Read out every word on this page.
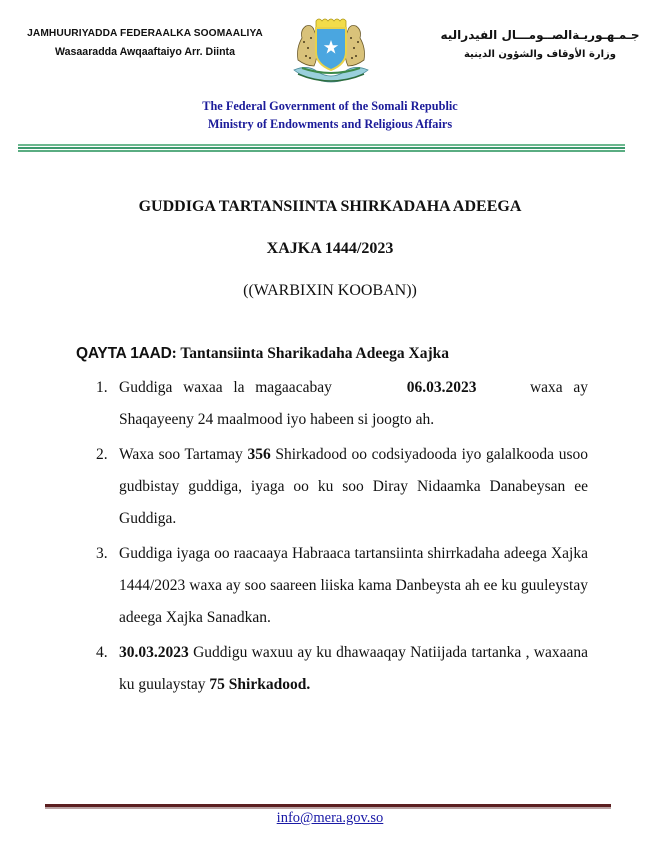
JAMHUURIYADDA FEDERAALKA SOOMAALIYA
Wasaaradda Awqaaftaiyo Arr. Diinta
جـمـهـوريـةالصــومـــال الفيدراليه
وزارة الأوقاف والشؤون الدينية
The Federal Government of the Somali Republic
Ministry of Endowments and Religious Affairs
GUDDIGA TARTANSIINTA SHIRKADAHA ADEEGA
XAJKA 1444/2023
((WARBIXIN KOOBAN))
QAYTA 1AAD: Tantansiinta Sharikadaha Adeega Xajka
1. Guddiga waxaa la magaacabay	06.03.2023	waxa ay
Shaqayeeny 24 maalmood iyo habeen si joogto ah.
2. Waxa soo Tartamay 356 Shirkadood oo codsiyadooda iyo galalkooda usoo gudbistay guddiga, iyaga oo ku soo Diray Nidaamka Danabeysan ee Guddiga.
3. Guddiga iyaga oo raacaaya Habraaca tartansiinta shirrkadaha adeega Xajka 1444/2023 waxa ay soo saareen liiska kama Danbeysta ah ee ku guuleystay adeega Xajka Sanadkan.
4. 30.03.2023 Guddigu waxuu ay ku dhawaaqay Natiijada tartanka , waxaana ku guulaystay 75 Shirkadood.
info@mera.gov.so
